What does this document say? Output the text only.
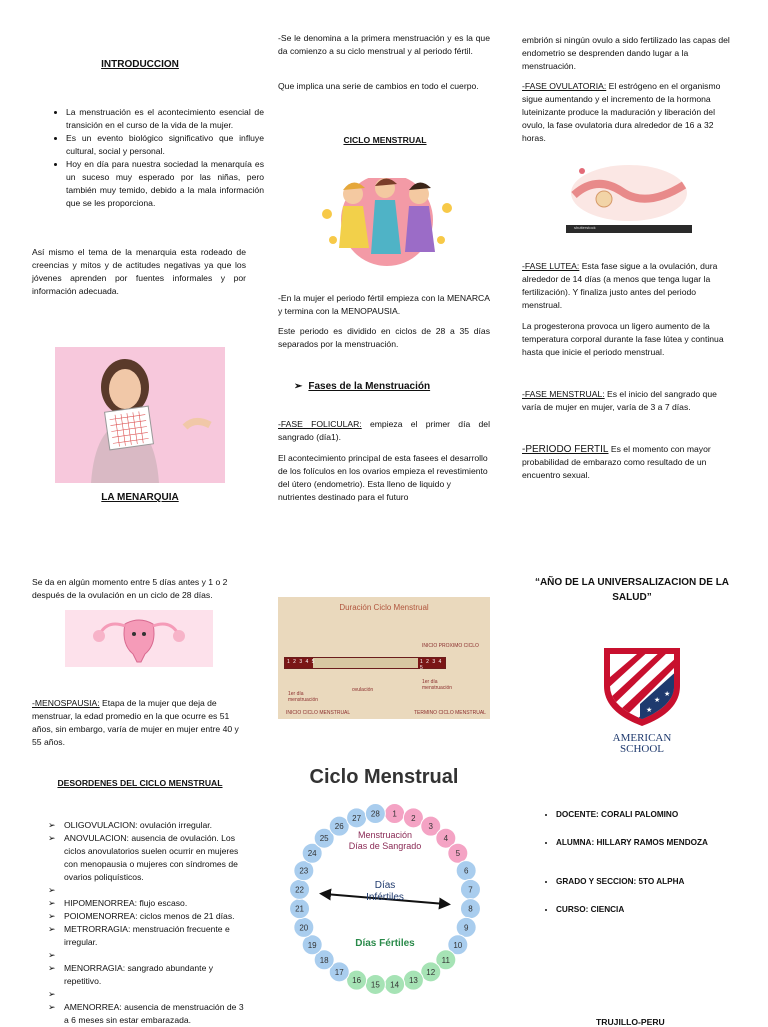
INTRODUCCION
• La menstruación es el acontecimiento esencial de transición en el curso de la vida de la mujer.
• Es un evento biológico significativo que influye cultural, social y personal.
• Hoy en día para nuestra sociedad la menarquía es un suceso muy esperado por las niñas, pero también muy temido, debido a la mala información que se les proporciona.

Así mismo el tema de la menarquia esta rodeado de creencias y mitos y de actitudes negativas ya que los jóvenes aprenden por fuentes informales y por información adecuada.

LA MENARQUIA

Se da en algún momento entre 5 días antes y 1 o 2 después de la ovulación en un ciclo de 28 días.

-MENOSPAUSIA: Etapa de la mujer que deja de menstruar, la edad promedio en la que ocurre es 51 años, sin embargo, varía de mujer en mujer entre 40 y 55 años.

DESORDENES DEL CICLO MENSTRUAL
➢ OLIGOVULACION: ovulación irregular.
➢ ANOVULACION: ausencia de ovulación. Los ciclos anovulatorios suelen ocurrir en mujeres con menopausia o mujeres con síndromes de ovarios poliquísticos.
➢
➢ HIPOMENORREA: flujo escaso.
➢ POIOMENORREA: ciclos menos de 21 días.
➢ METRORRAGIA: menstruación frecuente e irregular.
➢
➢ MENORRAGIA: sangrado abundante y repetitivo.
➢
➢ AMENORREA: ausencia de menstruación de 3 a 6 meses sin estar embarazada.

-Se le denomina a la primera menstruación y es la que da comienzo a su ciclo menstrual y al periodo fértil.

Que implica una serie de cambios en todo el cuerpo.

CICLO MENSTRUAL

-En la mujer el periodo fértil empieza con la MENARCA y termina con la MENOPAUSIA.

Este periodo es dividido en ciclos de 28 a 35 días separados por la menstruación.

➢ Fases de la Menstruación

-FASE FOLICULAR: empieza el primer día del sangrado (día1).

El acontecimiento principal de esta fasees el desarrollo de los folículos en los ovarios empieza el revestimiento del útero (endometrio). Esta lleno de liquido y nutrientes destinado para el futuro

Duración Ciclo Menstrual
INICIO PROXIMO CICLO
1 2 3 4 5	1 2 3 4 5
1er día menstruación
ovulación
1er día menstruación
INICIO CICLO MENSTRUAL	TERMINO CICLO MENSTRUAL
Ciclo Menstrual
1 2
3
4
5
6
7
8
9
10
11
12
13
14
15
16
17
18
19
20
21
22
23
24
25
26
27 28
Menstruación Días de Sangrado
Días Infértiles
Días Fértiles

embrión si ningún ovulo a sido fertilizado las capas del endometrio se desprenden dando lugar a la menstruación.

-FASE OVULATORIA: El estrógeno en el organismo sigue aumentando y el incremento de la hormona luteinizante produce la maduración y liberación del ovulo, la fase ovulatoria dura alrededor de 16 a 32 horas.

shutterstock

-FASE LUTEA: Esta fase sigue a la ovulación, dura alrededor de 14 días (a menos que tenga lugar la fertilización). Y finaliza justo antes del periodo menstrual.

La progesterona provoca un ligero aumento de la temperatura corporal durante la fase lútea y continua hasta que inicie el periodo menstrual.

-FASE MENSTRUAL: Es el inicio del sangrado que varía de mujer en mujer, varía de 3 a 7 días.

-PERIODO FERTIL Es el momento con mayor probabilidad de embarazo como resultado de un encuentro sexual.

“AÑO DE LA UNIVERSALIZACION DE LA SALUD”
★
★
★
AMERICAN
SCHOOL
• DOCENTE: CORALI PALOMINO
• ALUMNA: HILLARY RAMOS MENDOZA
• GRADO Y SECCION: 5TO ALPHA
• CURSO: CIENCIA
TRUJILLO-PERU
